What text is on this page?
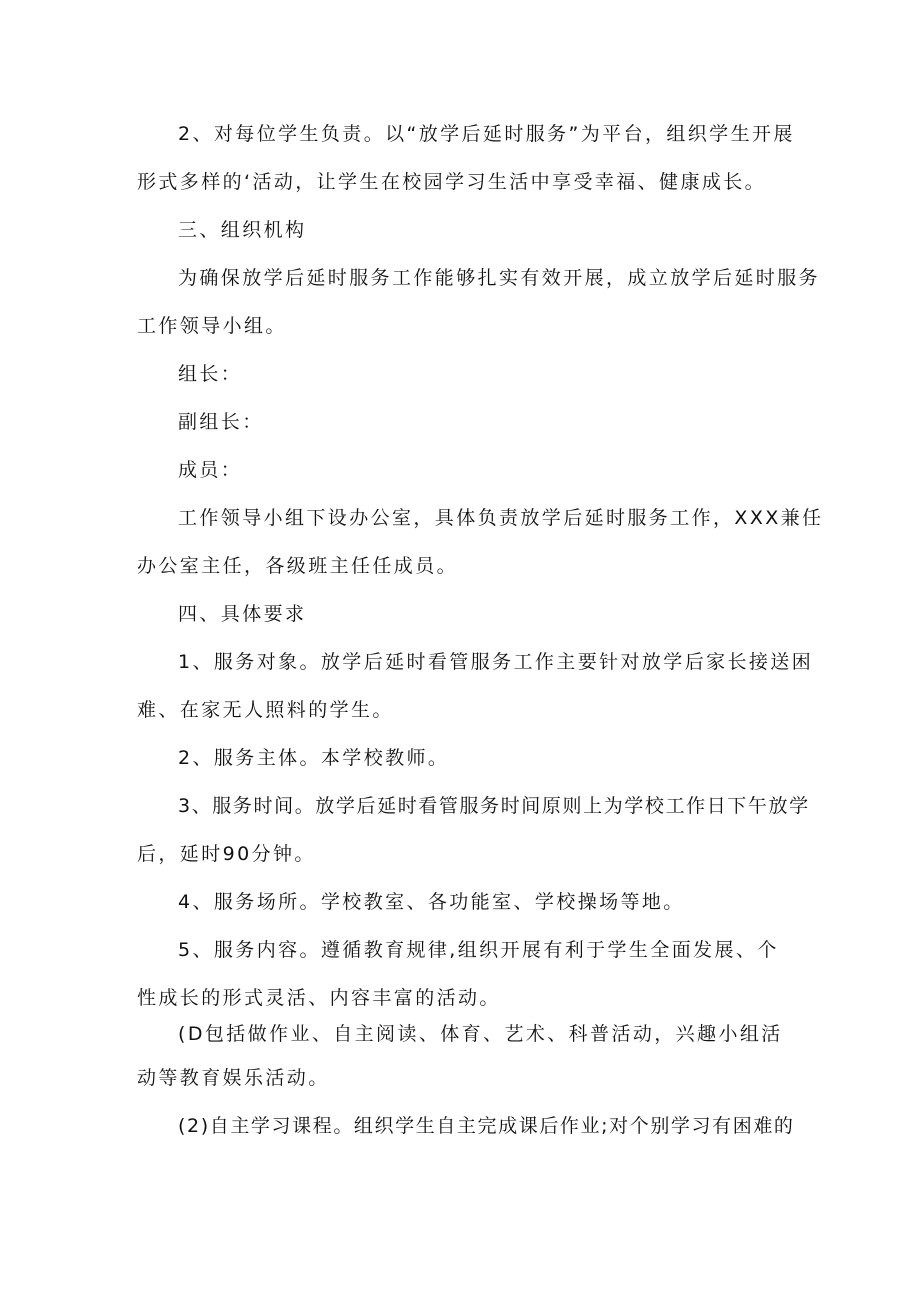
2、对每位学生负责。以“放学后延时服务”为平台，组织学生开展
形式多样的‘活动，让学生在校园学习生活中享受幸福、健康成长。
三、组织机构
为确保放学后延时服务工作能够扎实有效开展，成立放学后延时服务
工作领导小组。
组长：
副组长：
成员：
工作领导小组下设办公室，具体负责放学后延时服务工作，XXX兼任
办公室主任，各级班主任任成员。
四、具体要求
1、服务对象。放学后延时看管服务工作主要针对放学后家长接送困
难、在家无人照料的学生。
2、服务主体。本学校教师。
3、服务时间。放学后延时看管服务时间原则上为学校工作日下午放学
后，延时90分钟。
4、服务场所。学校教室、各功能室、学校操场等地。
5、服务内容。遵循教育规律,组织开展有利于学生全面发展、个
性成长的形式灵活、内容丰富的活动。
(D包括做作业、自主阅读、体育、艺术、科普活动，兴趣小组活
动等教育娱乐活动。
(2)自主学习课程。组织学生自主完成课后作业;对个别学习有困难的
